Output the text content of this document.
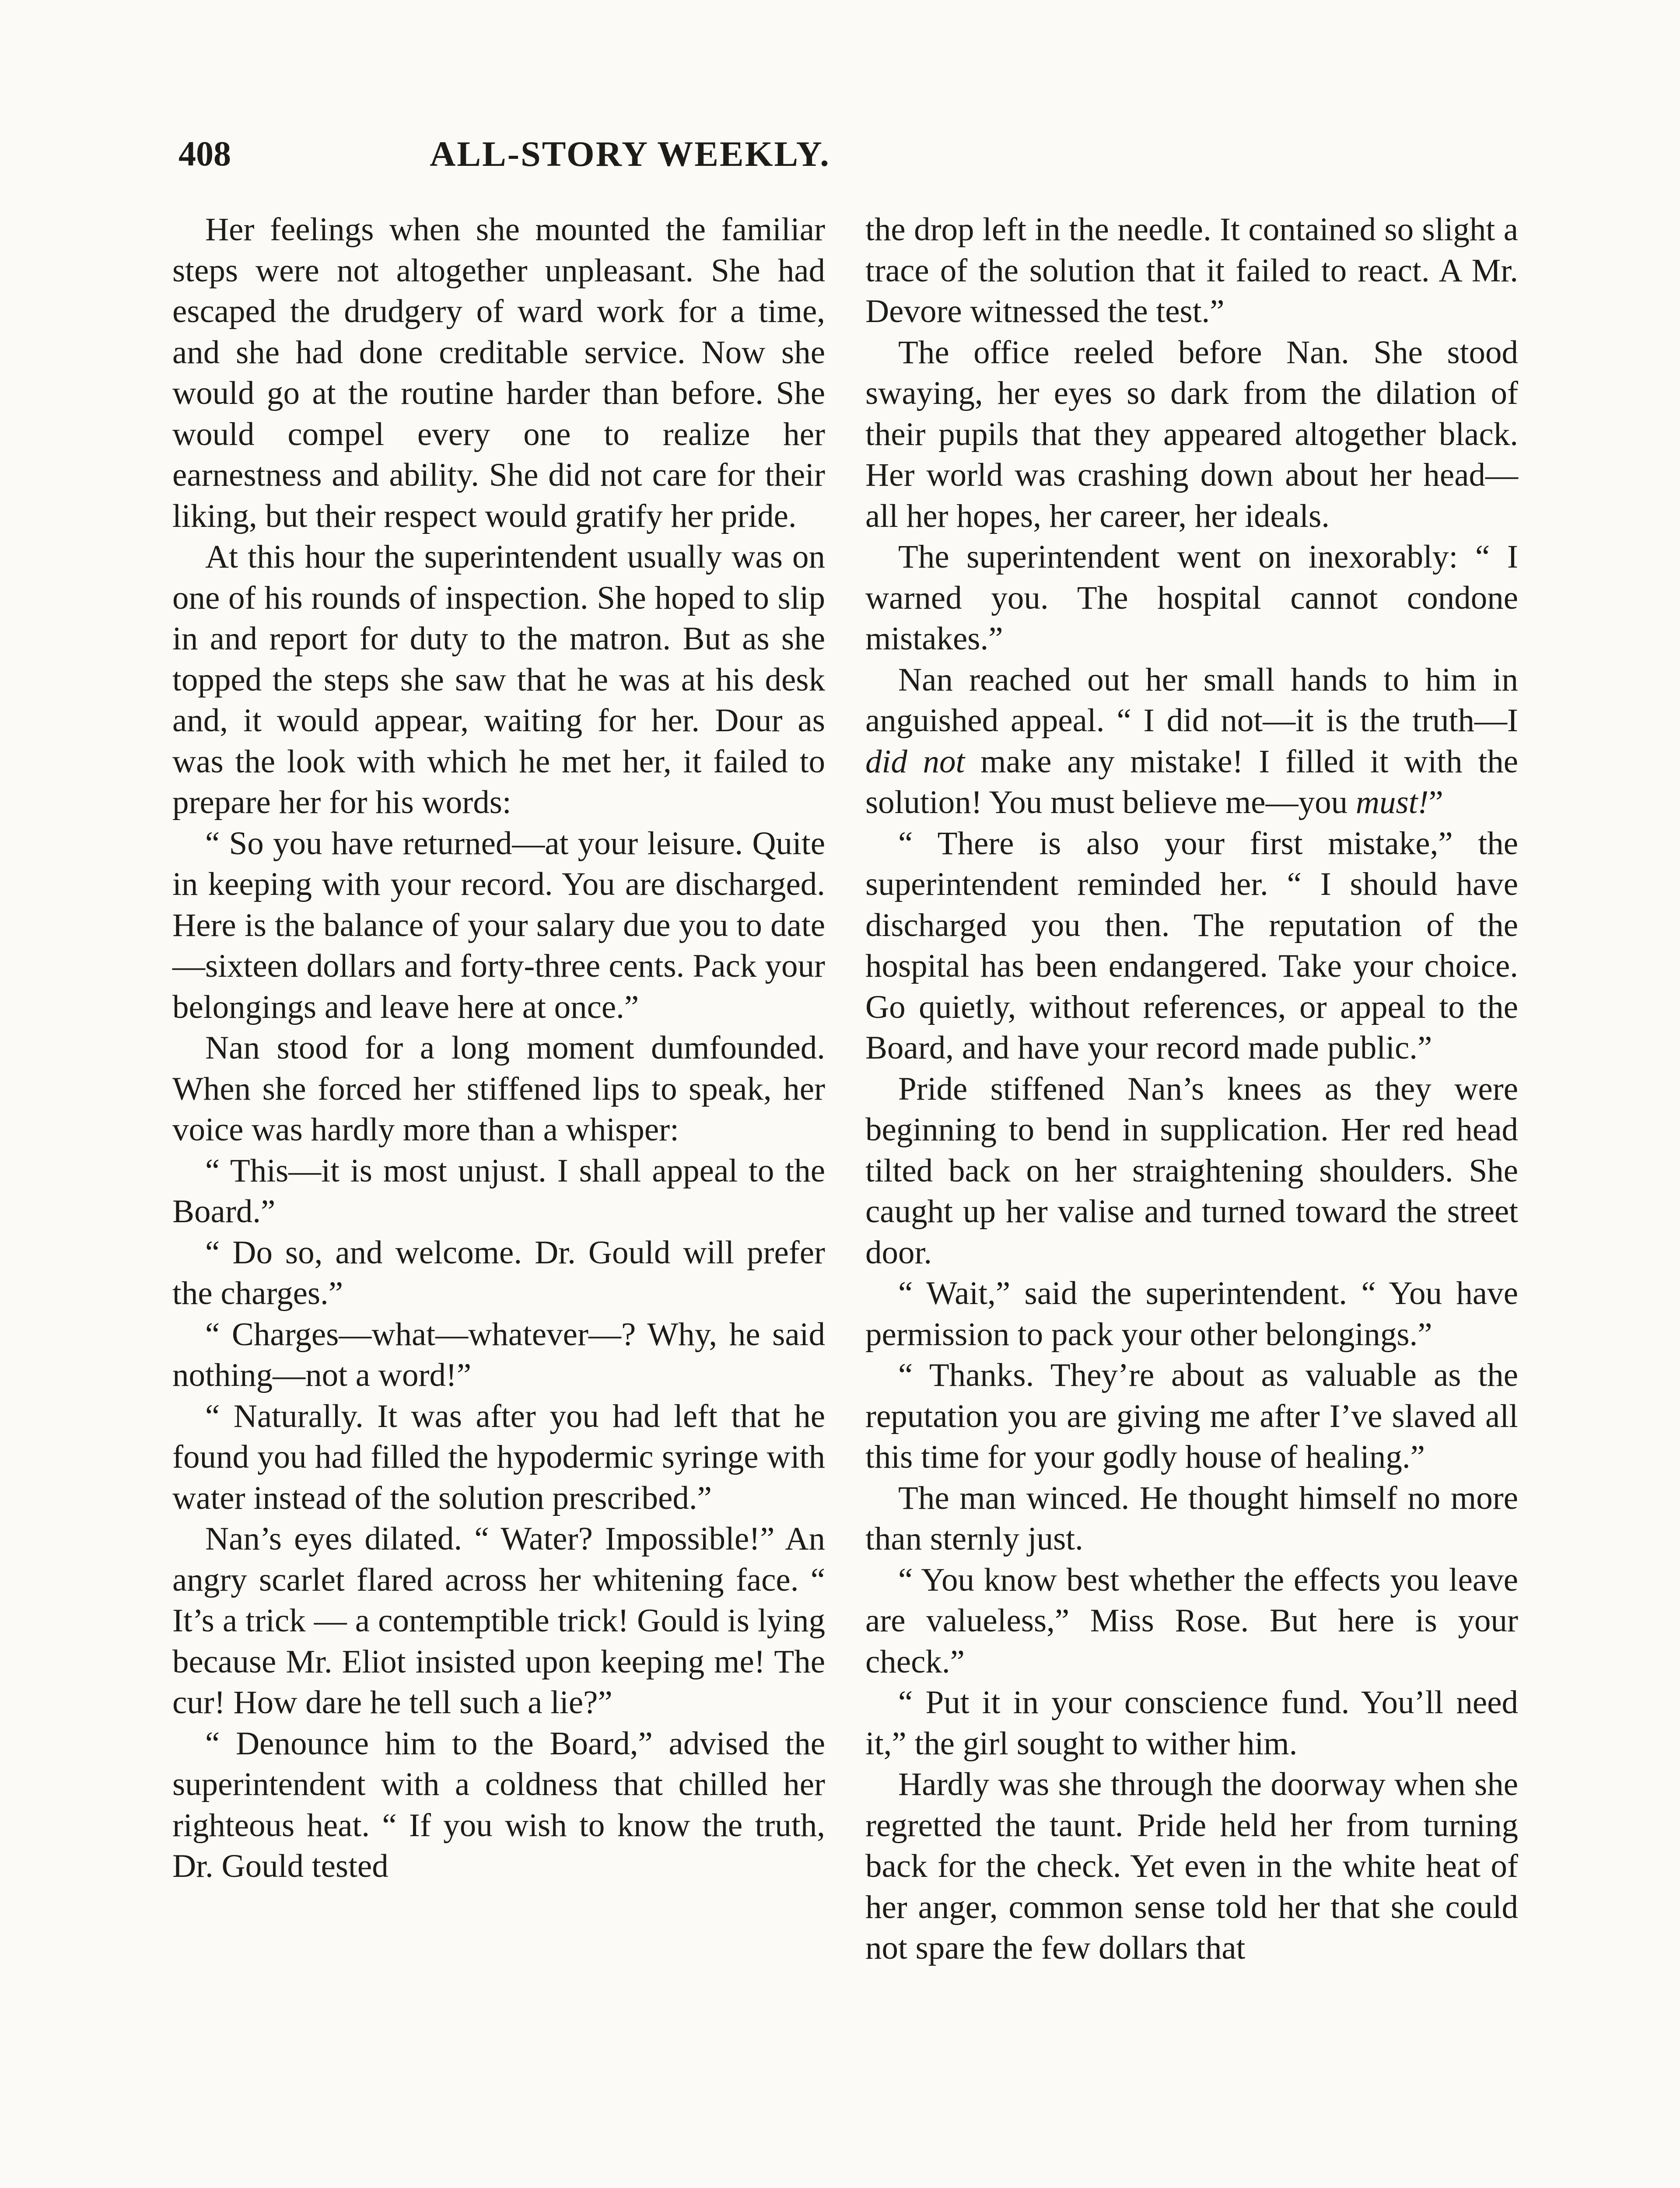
408	ALL-STORY WEEKLY.

Her feelings when she mounted the familiar steps were not altogether unpleasant. She had escaped the drudgery of ward work for a time, and she had done creditable service. Now she would go at the routine harder than before. She would compel every one to realize her earnestness and ability. She did not care for their liking, but their respect would gratify her pride.

At this hour the superintendent usually was on one of his rounds of inspection. She hoped to slip in and report for duty to the matron. But as she topped the steps she saw that he was at his desk and, it would appear, waiting for her. Dour as was the look with which he met her, it failed to prepare her for his words:

“ So you have returned—at your leisure. Quite in keeping with your record. You are discharged. Here is the balance of your salary due you to date—sixteen dollars and forty-three cents. Pack your belongings and leave here at once.”

Nan stood for a long moment dumfounded. When she forced her stiffened lips to speak, her voice was hardly more than a whisper:

“ This—it is most unjust. I shall appeal to the Board.”

“ Do so, and welcome. Dr. Gould will prefer the charges.”

“ Charges—what—whatever—? Why, he said nothing—not a word!”

“ Naturally. It was after you had left that he found you had filled the hypodermic syringe with water instead of the solution prescribed.”

Nan’s eyes dilated. “ Water? Impossible!” An angry scarlet flared across her whitening face. “ It’s a trick — a contemptible trick! Gould is lying because Mr. Eliot insisted upon keeping me! The cur! How dare he tell such a lie?”

“ Denounce him to the Board,” advised the superintendent with a coldness that chilled her righteous heat. “ If you wish to know the truth, Dr. Gould tested

the drop left in the needle. It contained so slight a trace of the solution that it failed to react. A Mr. Devore witnessed the test.”

The office reeled before Nan. She stood swaying, her eyes so dark from the dilation of their pupils that they appeared altogether black. Her world was crashing down about her head—all her hopes, her career, her ideals.

The superintendent went on inexorably: “ I warned you. The hospital cannot condone mistakes.”

Nan reached out her small hands to him in anguished appeal. “ I did not—it is the truth—I did not make any mistake! I filled it with the solution! You must believe me—you must!”

“ There is also your first mistake,” the superintendent reminded her. “ I should have discharged you then. The reputation of the hospital has been endangered. Take your choice. Go quietly, without references, or appeal to the Board, and have your record made public.”

Pride stiffened Nan’s knees as they were beginning to bend in supplication. Her red head tilted back on her straightening shoulders. She caught up her valise and turned toward the street door.

“ Wait,” said the superintendent. “ You have permission to pack your other belongings.”

“ Thanks. They’re about as valuable as the reputation you are giving me after I’ve slaved all this time for your godly house of healing.”

The man winced. He thought himself no more than sternly just.

“ You know best whether the effects you leave are valueless,” Miss Rose. But here is your check.”

“ Put it in your conscience fund. You’ll need it,” the girl sought to wither him.

Hardly was she through the doorway when she regretted the taunt. Pride held her from turning back for the check. Yet even in the white heat of her anger, common sense told her that she could not spare the few dollars that
